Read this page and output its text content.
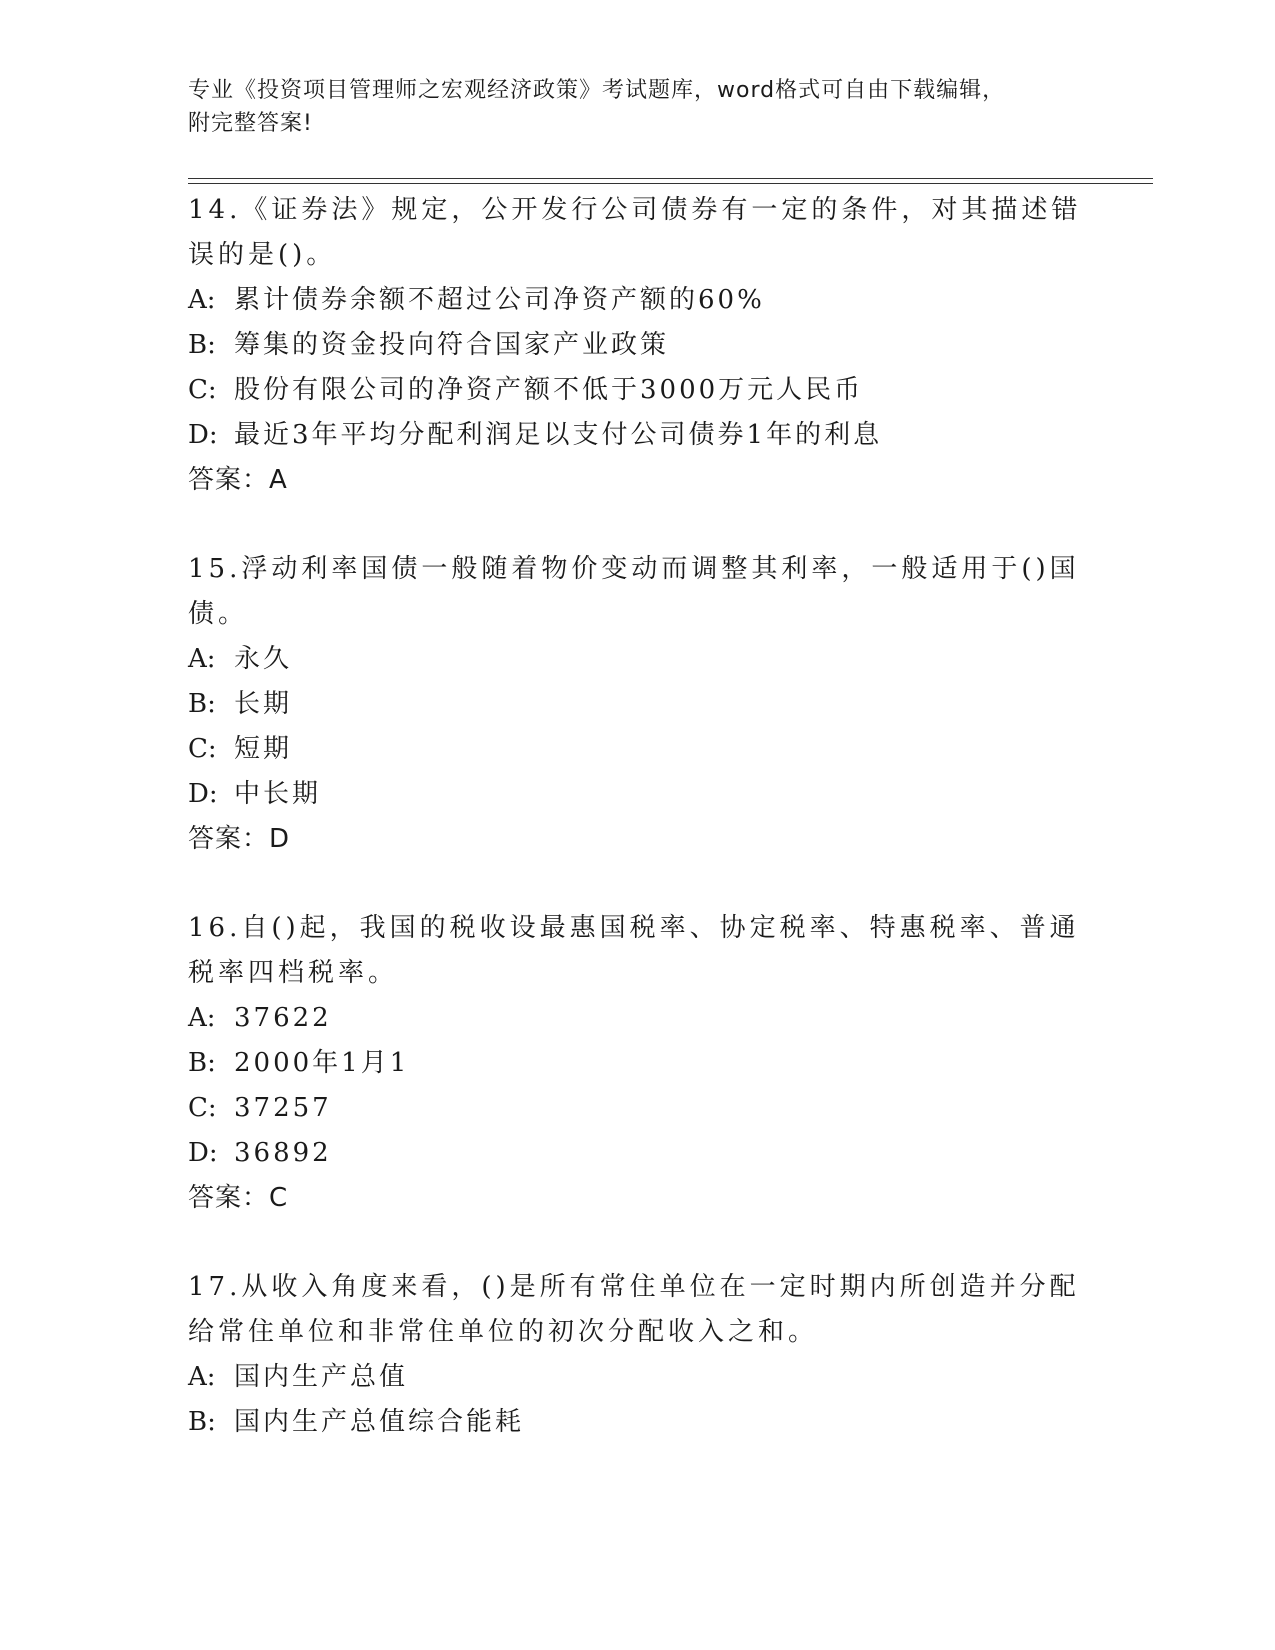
专业《投资项目管理师之宏观经济政策》考试题库，word格式可自由下载编辑，
附完整答案!

14.《证券法》规定，公开发行公司债券有一定的条件，对其描述错误的是()。

A: 累计债券余额不超过公司净资产额的60%

B: 筹集的资金投向符合国家产业政策

C: 股份有限公司的净资产额不低于3000万元人民币

D: 最近3年平均分配利润足以支付公司债券1年的利息

答案：A

15.浮动利率国债一般随着物价变动而调整其利率，一般适用于()国债。

A: 永久

B: 长期

C: 短期

D: 中长期

答案：D

16.自()起，我国的税收设最惠国税率、协定税率、特惠税率、普通税率四档税率。

A: 37622

B: 2000年1月1

C: 37257

D: 36892

答案：C

17.从收入角度来看，()是所有常住单位在一定时期内所创造并分配给常住单位和非常住单位的初次分配收入之和。

A: 国内生产总值

B: 国内生产总值综合能耗
